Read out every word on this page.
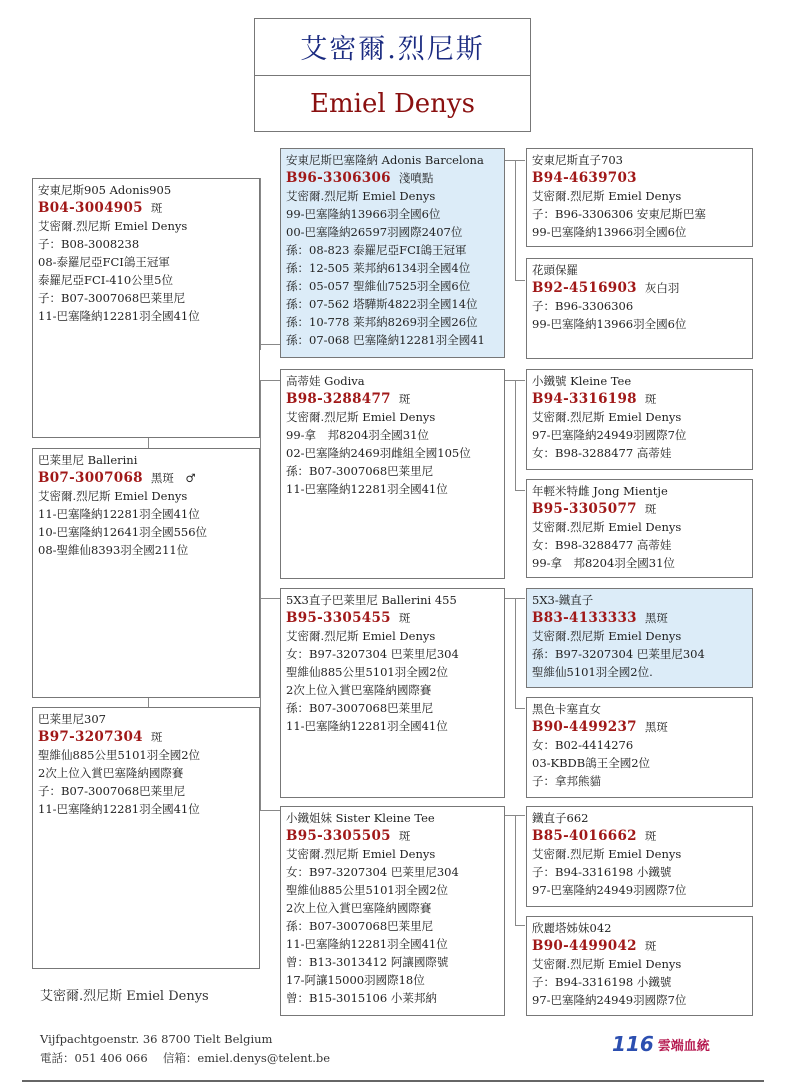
艾密爾.烈尼斯
Emiel Denys
安東尼斯905 Adonis905
B04-3004905 斑
艾密爾.烈尼斯 Emiel Denys
子：B08-3008238
08-泰羅尼亞FCI鴿王冠軍
泰羅尼亞FCI-410公里5位
子：B07-3007068巴莱里尼
11-巴塞隆納12281羽全國41位
巴莱里尼 Ballerini
B07-3007068 黑斑　♂
艾密爾.烈尼斯 Emiel Denys
11-巴塞隆納12281羽全國41位
10-巴塞隆納12641羽全國556位
08-聖維仙8393羽全國211位
巴莱里尼307
B97-3207304 斑
聖維仙885公里5101羽全國2位
2次上位入賞巴塞隆納國際賽
子：B07-3007068巴莱里尼
11-巴塞隆納12281羽全國41位
安東尼斯巴塞隆納 Adonis Barcelona
B96-3306306 淺噴點
艾密爾.烈尼斯 Emiel Denys
99-巴塞隆納13966羽全國6位
00-巴塞隆納26597羽國際2407位
孫：08-823 泰羅尼亞FCI鴿王冠軍
孫：12-505 莱邦納6134羽全國4位
孫：05-057 聖維仙7525羽全國6位
孫：07-562 塔驊斯4822羽全國14位
孫：10-778 莱邦納8269羽全國26位
孫：07-068 巴塞隆納12281羽全國41
高蒂娃 Godiva
B98-3288477 斑
艾密爾.烈尼斯 Emiel Denys
99-拿　邦8204羽全國31位
02-巴塞隆納2469羽雌組全國105位
孫：B07-3007068巴莱里尼
11-巴塞隆納12281羽全國41位
5X3直子巴莱里尼 Ballerini 455
B95-3305455 斑
艾密爾.烈尼斯 Emiel Denys
女：B97-3207304 巴莱里尼304
聖維仙885公里5101羽全國2位
2次上位入賞巴塞隆納國際賽
孫：B07-3007068巴莱里尼
11-巴塞隆納12281羽全國41位
小鐵姐妹 Sister Kleine Tee
B95-3305505 斑
艾密爾.烈尼斯 Emiel Denys
女：B97-3207304 巴莱里尼304
聖維仙885公里5101羽全國2位
2次上位入賞巴塞隆納國際賽
孫：B07-3007068巴莱里尼
11-巴塞隆納12281羽全國41位
曾：B13-3013412 阿讓國際號
17-阿讓15000羽國際18位
曾：B15-3015106 小莱邦納
安東尼斯直子703
B94-4639703
艾密爾.烈尼斯 Emiel Denys
子：B96-3306306 安東尼斯巴塞
99-巴塞隆納13966羽全國6位
花頭保羅
B92-4516903 灰白羽
子：B96-3306306
99-巴塞隆納13966羽全國6位
小鐵號 Kleine Tee
B94-3316198 斑
艾密爾.烈尼斯 Emiel Denys
97-巴塞隆納24949羽國際7位
女：B98-3288477 高蒂娃
年輕米特雌 Jong Mientje
B95-3305077 斑
艾密爾.烈尼斯 Emiel Denys
女：B98-3288477 高蒂娃
99-拿　邦8204羽全國31位
5X3-鐵直子
B83-4133333 黑斑
艾密爾.烈尼斯 Emiel Denys
孫：B97-3207304 巴莱里尼304
聖維仙5101羽全國2位.
黑色卡塞直女
B90-4499237 黑斑
女：B02-4414276
03-KBDB鴿王全國2位
子：拿邦熊貓
鐵直子662
B85-4016662 斑
艾密爾.烈尼斯 Emiel Denys
子：B94-3316198 小鐵號
97-巴塞隆納24949羽國際7位
欣麗塔姊妹042
B90-4499042 斑
艾密爾.烈尼斯 Emiel Denys
子：B94-3316198 小鐵號
97-巴塞隆納24949羽國際7位
艾密爾.烈尼斯 Emiel Denys
Vijfpachtgoenstr. 36 8700 Tielt Belgium
電話：051 406 066　 信箱：emiel.denys@telent.be
116 雲端血統
